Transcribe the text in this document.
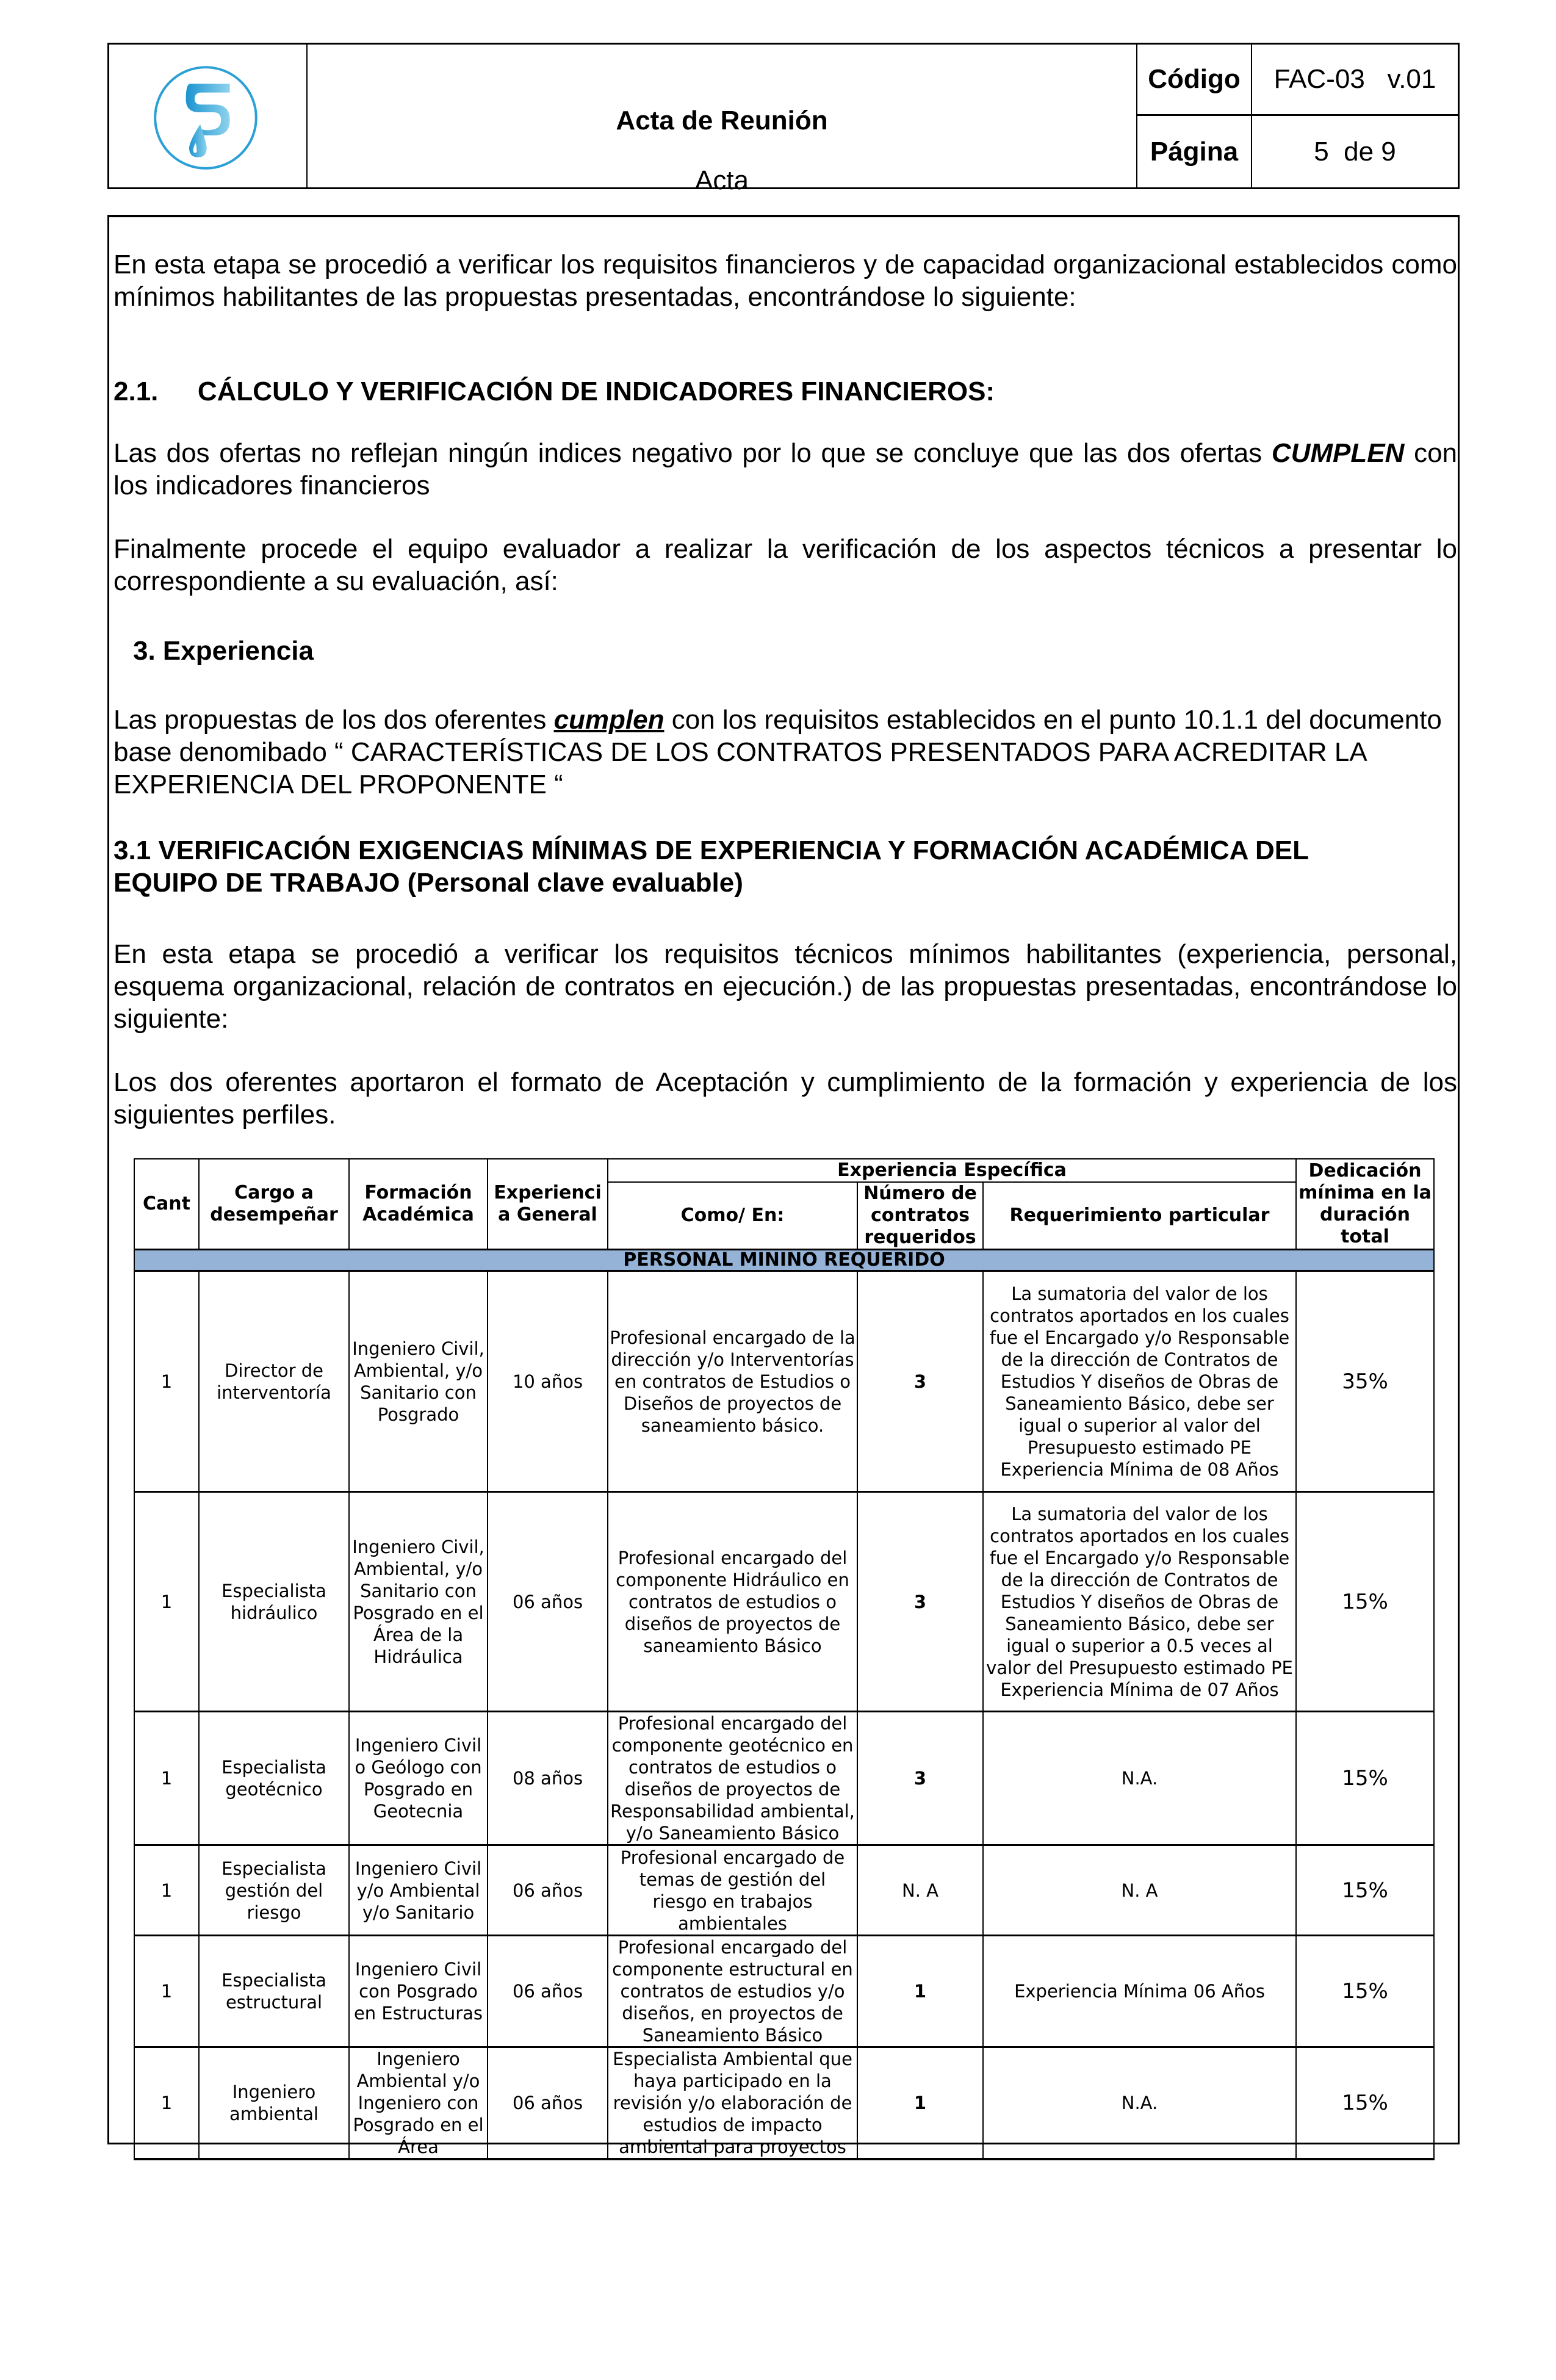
Acta de Reunión
Acta
Código	FAC-03   v.01
Página	5  de 9
En esta etapa se procedió a verificar los requisitos financieros y de capacidad organizacional establecidos como mínimos habilitantes de las propuestas presentadas, encontrándose lo siguiente:
2.1. CÁLCULO Y VERIFICACIÓN DE INDICADORES FINANCIEROS:
Las dos ofertas no reflejan ningún indices negativo por lo que se concluye que las dos ofertas CUMPLEN con los indicadores financieros
Finalmente procede el equipo evaluador a realizar la verificación de los aspectos técnicos a presentar lo correspondiente a su evaluación, así:
3. Experiencia
Las propuestas de los dos oferentes cumplen con los requisitos establecidos en el punto 10.1.1 del documento base denomibado “ CARACTERÍSTICAS DE LOS CONTRATOS PRESENTADOS PARA ACREDITAR LA EXPERIENCIA DEL PROPONENTE “
3.1 VERIFICACIÓN EXIGENCIAS MÍNIMAS DE EXPERIENCIA Y FORMACIÓN ACADÉMICA DEL EQUIPO DE TRABAJO (Personal clave evaluable)
En esta etapa se procedió a verificar los requisitos técnicos mínimos habilitantes (experiencia, personal, esquema organizacional, relación de contratos en ejecución.) de las propuestas presentadas, encontrándose lo siguiente:
Los dos oferentes aportaron el formato de Aceptación y cumplimiento de la formación y experiencia de los siguientes perfiles.
Cant	Cargo a desempeñar	Formación Académica	Experiencia General	Experiencia Específica			Dedicación mínima en la duración total
				Como/ En:	Número de contratos requeridos	Requerimiento particular	
PERSONAL MININO REQUERIDO							
1	Director de interventoría	Ingeniero Civil, Ambiental, y/o Sanitario con Posgrado	10 años	Profesional encargado de la dirección y/o Interventorías en contratos de Estudios o Diseños de proyectos de saneamiento básico.	3	La sumatoria del valor de los contratos aportados en los cuales fue el Encargado y/o Responsable de la dirección de Contratos de Estudios Y diseños de Obras de Saneamiento Básico, debe ser igual o superior al valor del Presupuesto estimado PE Experiencia Mínima de 08 Años	35%
1	Especialista hidráulico	Ingeniero Civil, Ambiental, y/o Sanitario con Posgrado en el Área de la Hidráulica	06 años	Profesional encargado del componente Hidráulico en contratos de estudios o diseños de proyectos de saneamiento Básico	3	La sumatoria del valor de los contratos aportados en los cuales fue el Encargado y/o Responsable de la dirección de Contratos de Estudios Y diseños de Obras de Saneamiento Básico, debe ser igual o superior a 0.5 veces al valor del Presupuesto estimado PE Experiencia Mínima de 07 Años	15%
1	Especialista geotécnico	Ingeniero Civil o Geólogo con Posgrado en Geotecnia	08 años	Profesional encargado del componente geotécnico en contratos de estudios o diseños de proyectos de Responsabilidad ambiental, y/o Saneamiento Básico	3	N.A.	15%
1	Especialista gestión del riesgo	Ingeniero Civil y/o Ambiental y/o Sanitario	06 años	Profesional encargado de temas de gestión del riesgo en trabajos ambientales	N. A	N. A	15%
1	Especialista estructural	Ingeniero Civil con Posgrado en Estructuras	06 años	Profesional encargado del componente estructural en contratos de estudios y/o diseños, en proyectos de Saneamiento Básico	1	Experiencia Mínima 06 Años	15%
1	Ingeniero ambiental	Ingeniero Ambiental y/o Ingeniero con Posgrado en el Área	06 años	Especialista Ambiental que haya participado en la revisión y/o elaboración de estudios de impacto ambiental para proyectos	1	N.A.	15%
